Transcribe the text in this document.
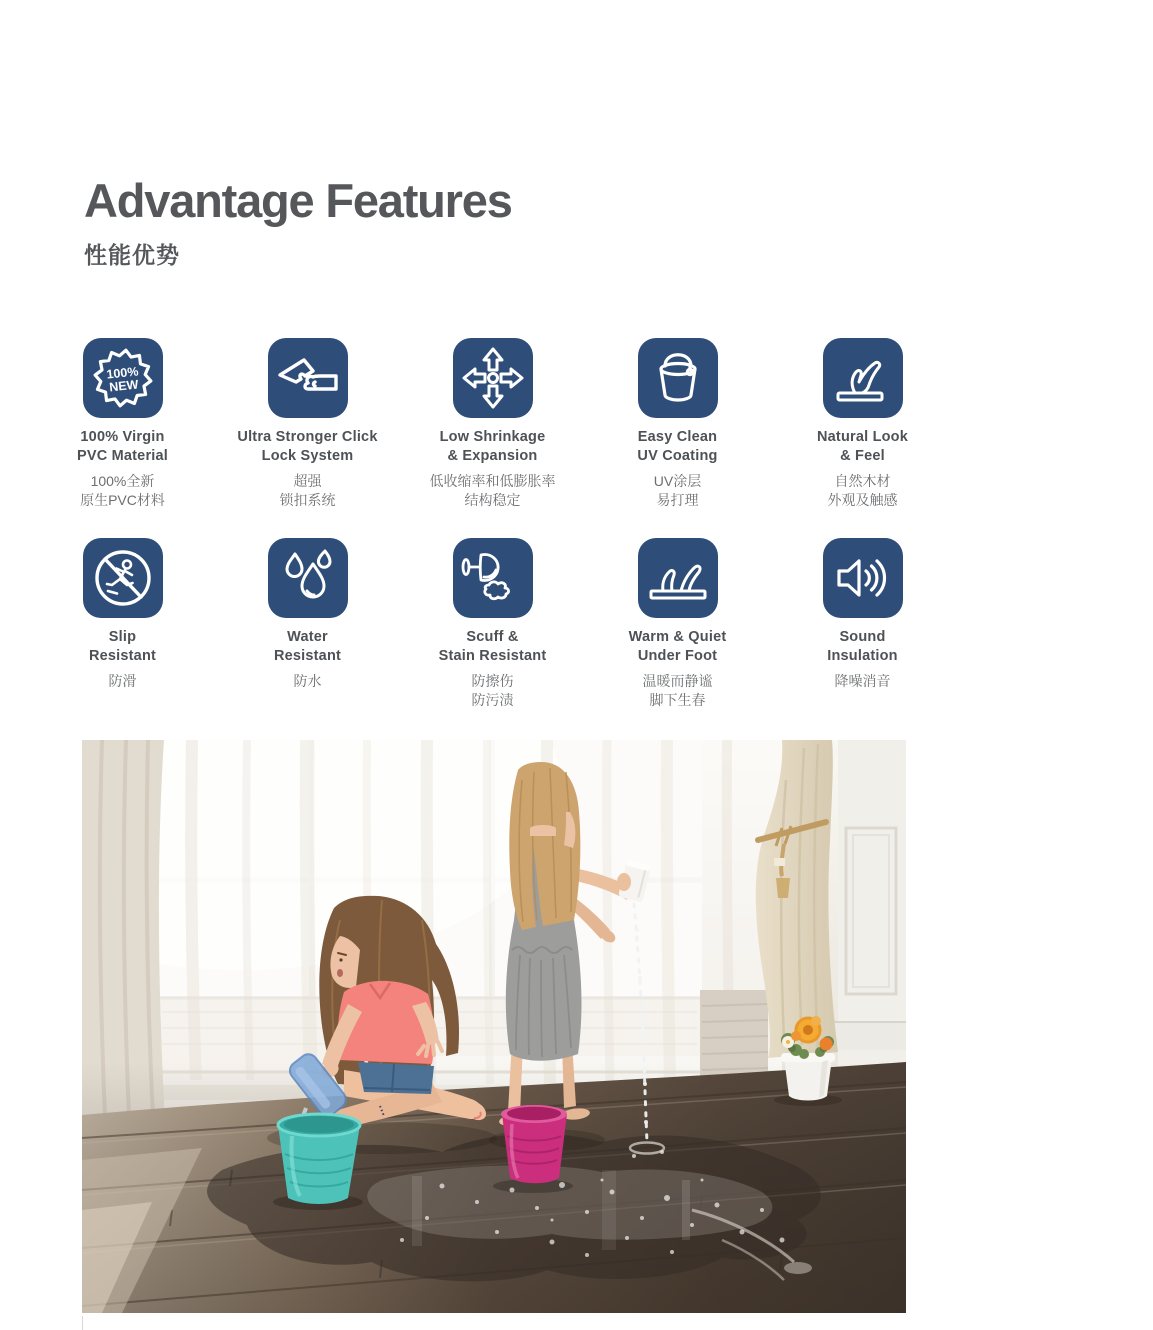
Advantage Features
性能优势
100%
NEW
100% Virgin
PVC Material
100%全新
原生PVC材料
Ultra Stronger Click
Lock System
超强
锁扣系统
Low Shrinkage
& Expansion
低收缩率和低膨胀率
结构稳定
Easy Clean
UV Coating
UV涂层
易打理
Natural Look
& Feel
自然木材
外观及触感
Slip
Resistant
防滑
Water
Resistant
防水
Scuff &
Stain Resistant
防擦伤
防污渍
Warm & Quiet
Under Foot
温暖而静谧
脚下生春
Sound
Insulation
降噪消音
